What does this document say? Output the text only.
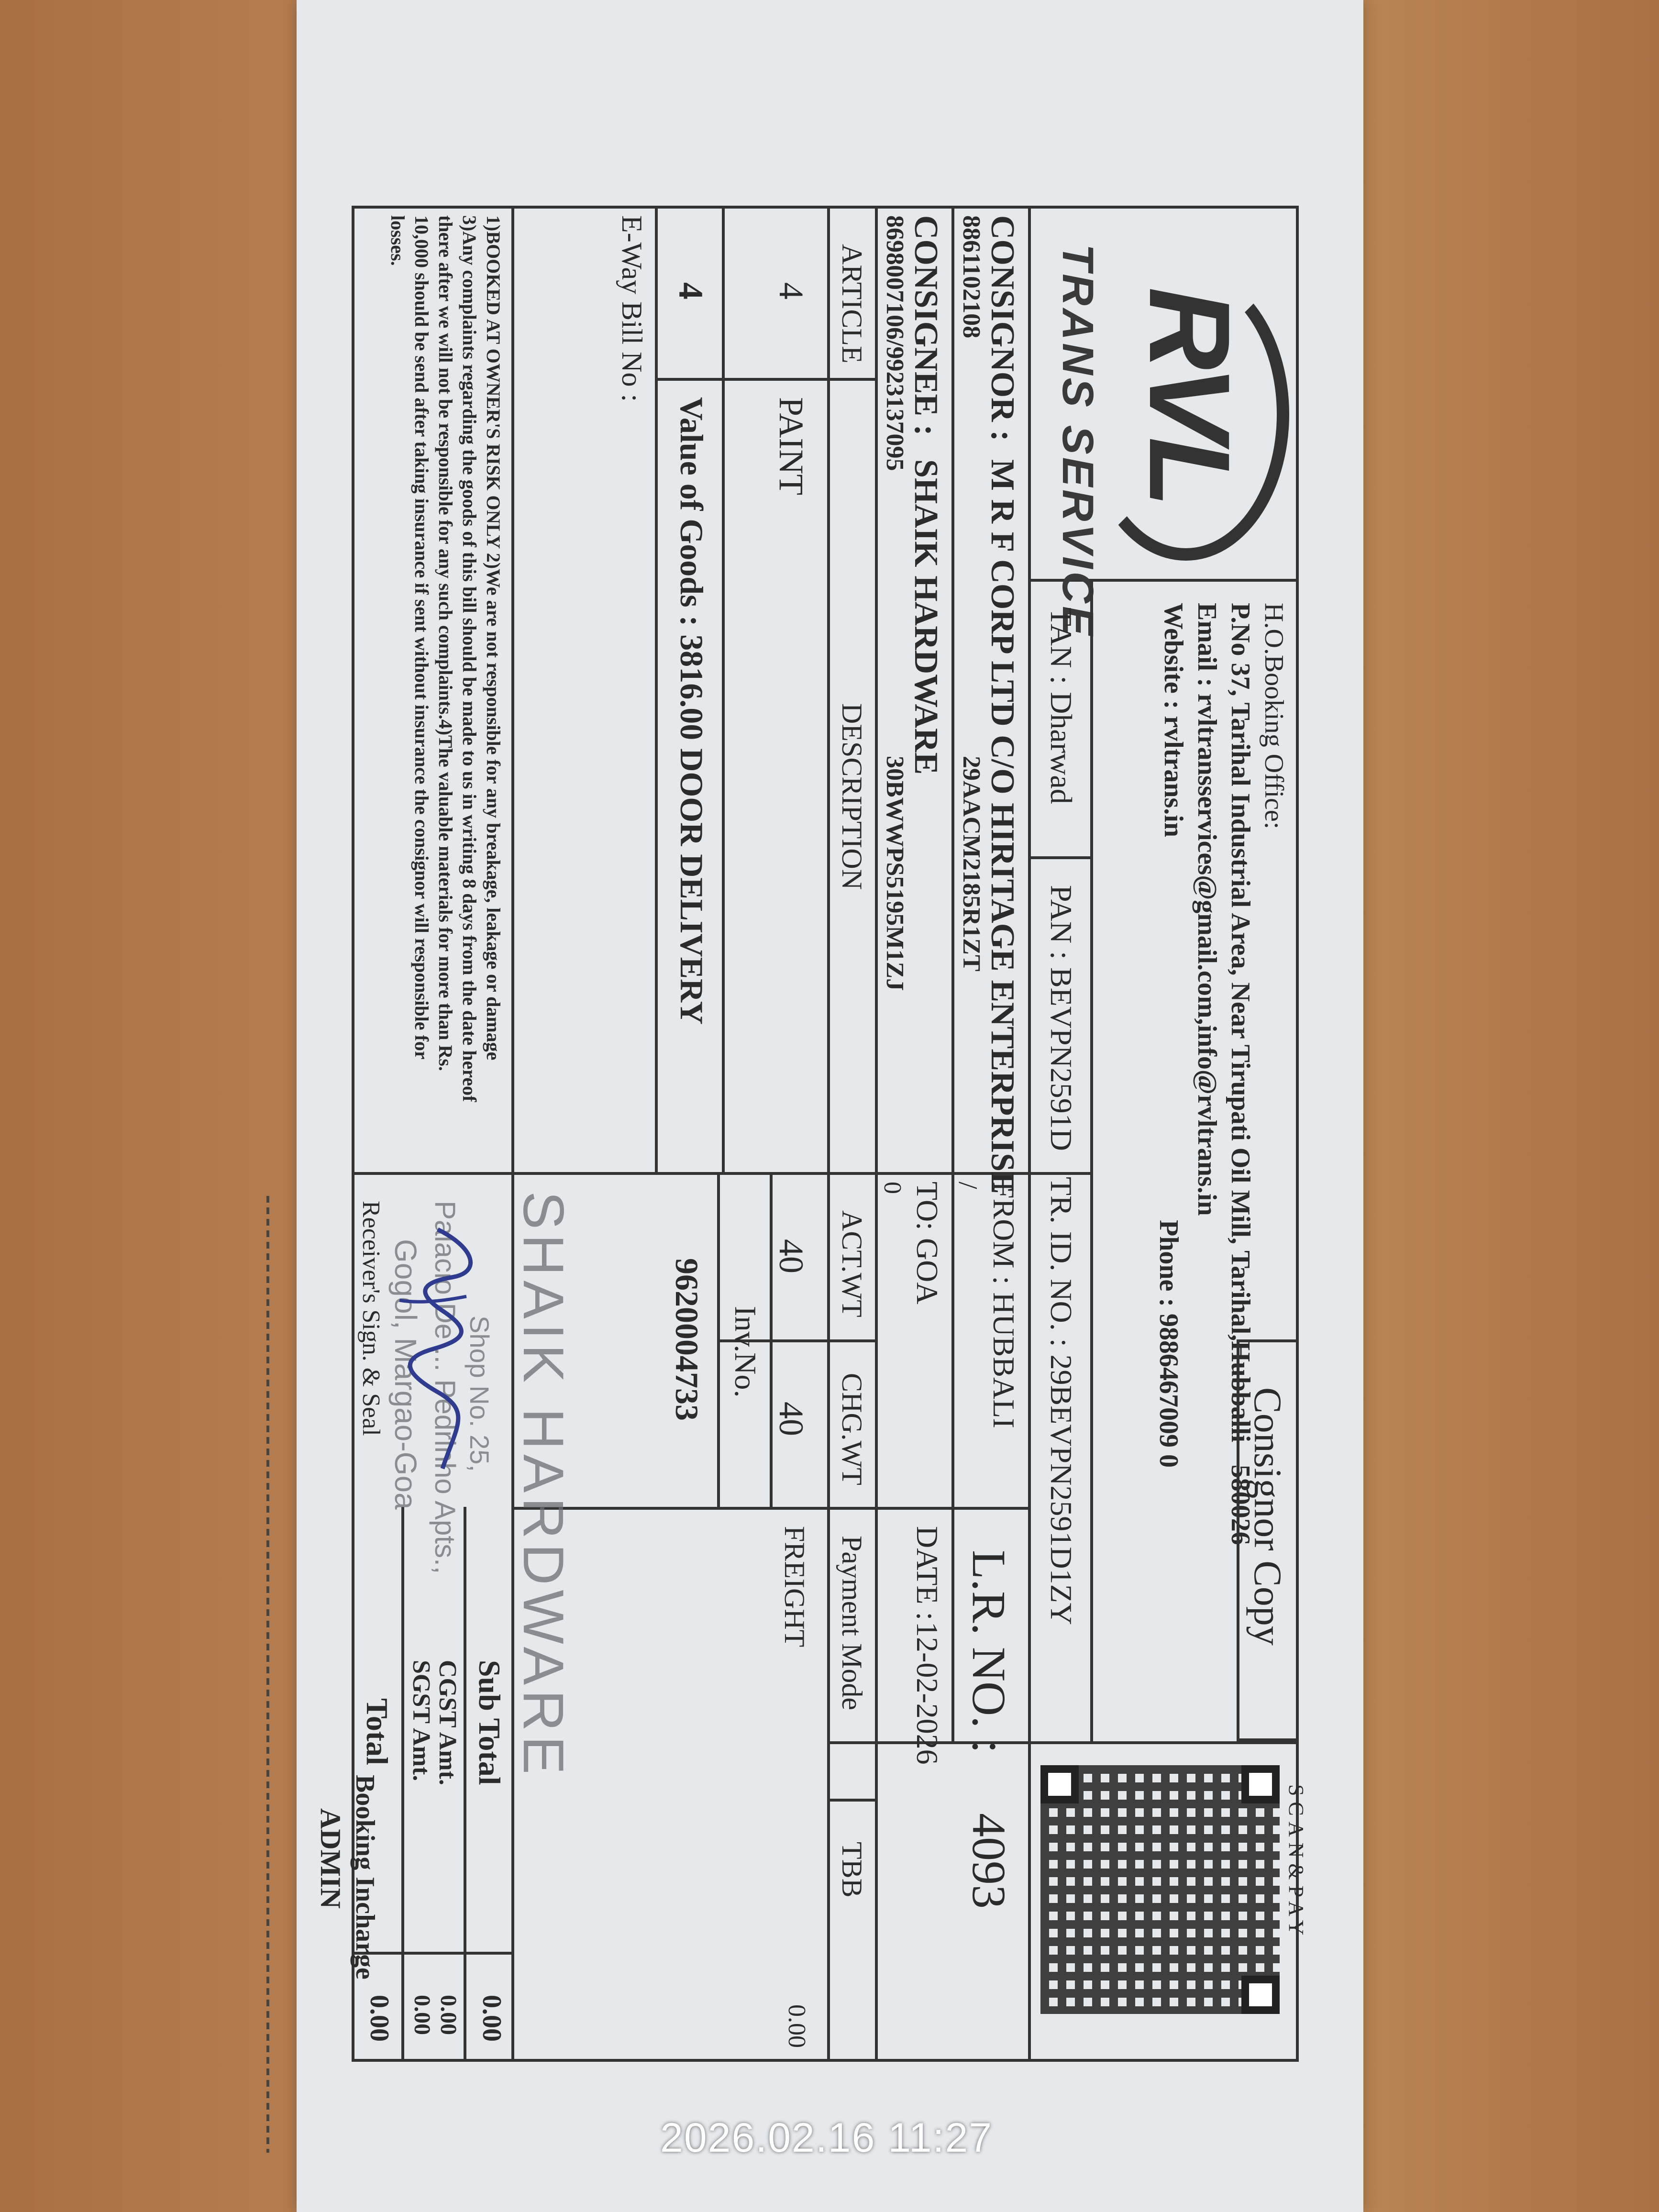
RVL
TRANS SERVICE
H.O.Booking Office:
P.No 37, Tarihal Industrial Area, Near Tirupati Oil Mill, Tarihal,Hubballi - 580026
Email : rvltransservices@gmail.com,info@rvltrans.in
Website : rvltrans.in
Phone : 9886467009 0
Consignor Copy
TAN : Dharwad
PAN : BEVPN2591D
TR. ID. NO. : 29BEVPN2591D1ZY
SCAN&PAY
L.R. NO. :
4093
CONSIGNOR :
M R F CORP LTD C/O HIRITAGE ENTERPRISE
8861102108
29AACM2185R1ZT
CONSIGNEE :
SHAIK HARDWARE
8698007106/9923137095
30BWWPS5195M1ZJ
FROM : HUBBALI
/
TO: GOA
0
DATE :
12-02-2026
ARTICLE
DESCRIPTION
ACT.WT
CHG.WT
Payment Mode
TBB
4
PAINT
40
40
FREIGHT
0.00
Inv.No.
9620004733
4
Value of Goods : 3816.00 DOOR DELIVERY
Sub Total
0.00
CGST Amt.
0.00
SGST Amt.
0.00
Total
0.00
E-Way Bill No :
1)BOOKED AT OWNER'S RISK ONLY 2)We are not responsible for any breakage, leakage or damage
3)Any complaints regarding the goods of this bill should be made to us in writing 8 days from the date hereof
there after we will not be responsible for any such complaints.4)The valuable materials for more than Rs.
10,000 should be send after taking insurance if sent without insurance the consignor will responsible for
losses.
Receiver's Sign. & Seal SHAIK HARDWARE
Shop No. 25,
Palacio De ... Pedrinho Apts.,
Gogol, Margao-Goa
Booking Incharge
ADMIN
2026.02.16 11:27
